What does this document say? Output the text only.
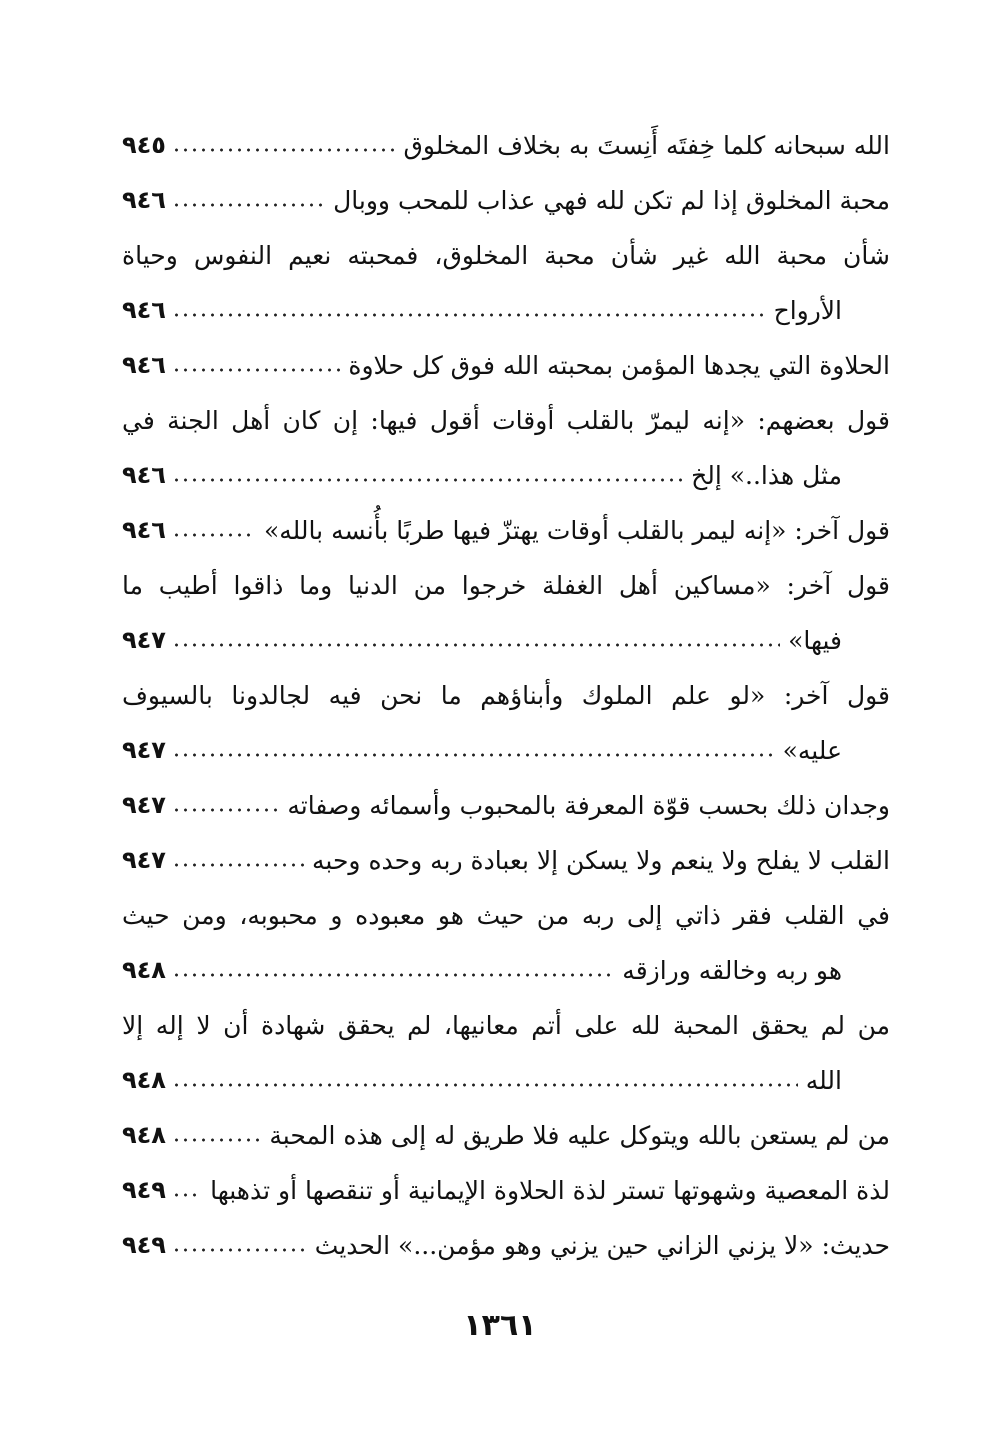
الله سبحانه كلما خِفتَه أَنِستَ به بخلاف المخلوق
٩٤٥
محبة المخلوق إذا لم تكن لله فهي عذاب للمحب ووبال
٩٤٦
شأن محبة الله غير شأن محبة المخلوق، فمحبته نعيم النفوس وحياة
الأرواح
٩٤٦
الحلاوة التي يجدها المؤمن بمحبته الله فوق كل حلاوة
٩٤٦
قول بعضهم: «إنه ليمرّ بالقلب أوقات أقول فيها: إن كان أهل الجنة في
مثل هذا..» إلخ
٩٤٦
قول آخر: «إنه ليمر بالقلب أوقات يهتزّ فيها طربًا بأُنسه بالله»
٩٤٦
قول آخر: «مساكين أهل الغفلة خرجوا من الدنيا وما ذاقوا أطيب ما
فيها»
٩٤٧
قول آخر: «لو علم الملوك وأبناؤهم ما نحن فيه لجالدونا بالسيوف
عليه»
٩٤٧
وجدان ذلك بحسب قوّة المعرفة بالمحبوب وأسمائه وصفاته
٩٤٧
القلب لا يفلح ولا ينعم ولا يسكن إلا بعبادة ربه وحده وحبه
٩٤٧
في القلب فقر ذاتي إلى ربه من حيث هو معبوده و محبوبه، ومن حيث
هو ربه وخالقه ورازقه
٩٤٨
من لم يحقق المحبة لله على أتم معانيها، لم يحقق شهادة أن لا إله إلا
الله
٩٤٨
من لم يستعن بالله ويتوكل عليه فلا طريق له إلى هذه المحبة
٩٤٨
لذة المعصية وشهوتها تستر لذة الحلاوة الإيمانية أو تنقصها أو تذهبها
٩٤٩
حديث: «لا يزني الزاني حين يزني وهو مؤمن...» الحديث
٩٤٩
١٣٦١
